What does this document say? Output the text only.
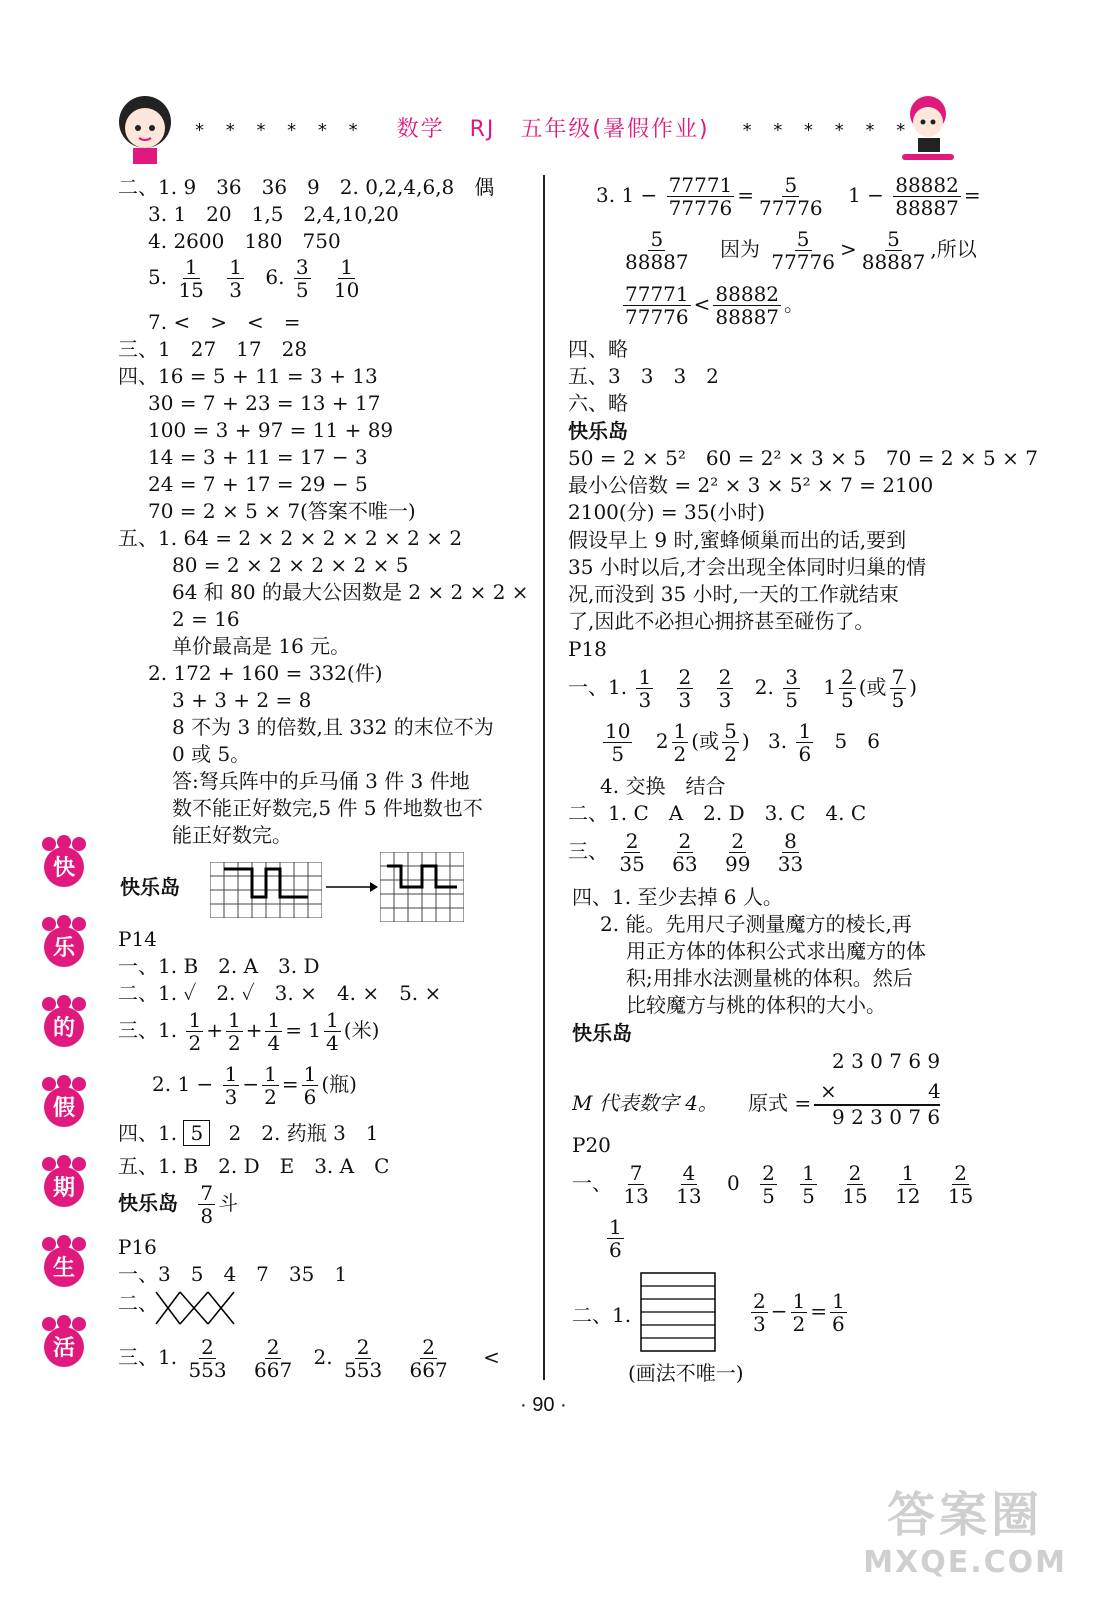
* * * * * * 数学 RJ 五年级(暑假作业) * * * * * *
快
乐
的
假
期
生
活
二、1. 9　36　36　9　2. 0,2,4,6,8　偶
3. 1　20　1,5　2,4,10,20
4. 2600　180　750
5. $\frac{1}{15}$
$\frac{1}{3} 6$. $\frac{3}{5}$
$\frac{1}{10}$
7. <　>　<　=
三、1　27　17　28
四、16 = 5 + 11 = 3 + 13
30 = 7 + 23 = 13 + 17
100 = 3 + 97 = 11 + 89
14 = 3 + 11 = 17 − 3
24 = 7 + 17 = 29 − 5
70 = 2 × 5 × 7(答案不唯一)
五、1. 64 = 2 × 2 × 2 × 2 × 2 × 2
80 = 2 × 2 × 2 × 2 × 5
64 和 80 的最大公因数是 2 × 2 × 2 ×
2 = 16
单价最高是 16 元。
2. 172 + 160 = 332(件)
3 + 3 + 2 = 8
8 不为 3 的倍数,且 332 的末位不为
0 或 5。
答:弩兵阵中的乒马俑 3 件 3 件地
数不能正好数完,5 件 5 件地数也不
能正好数完。
快乐岛
P14
一、1. B　2. A　3. D
二、1. ✓　2. ✓　3. ×　4. ×　5. ×
三、1. $\frac{1}{2} + \frac{1}{2} + \frac{1}{4} = 1 \frac{1}{4}$ (米)
2. $1 - \frac{1}{3} - \frac{1}{2} = \frac{1}{6}$ (瓶)
四、1. 5 2　2. 药瓶 3　1
五、1. B　2. D　E　3. A　C
快乐岛 $\frac{7}{8}$ 斗
P16
一、3　5　4　7　35　1
二、
三、1. $\frac{2}{553}$
$\frac{2}{667} 2$. $\frac{2}{553}$
$\frac{2}{667}$ <
3. $1 - \frac{77771}{77776} = \frac{5}{77776} 1 - \frac{88882}{88887}$ =
$\frac{5}{88887}$ 因为 $\frac{5}{77776} > \frac{5}{88887}$ ,所以
$\frac{77771}{77776} < \frac{88882}{88887}$ 。
四、略
五、3　3　3　2
六、略
快乐岛
50 = 2 × 5²　60 = 2² × 3 × 5　70 = 2 × 5 × 7
最小公倍数 = 2² × 3 × 5² × 7 = 2100
2100(分) = 35(小时)
假设早上 9 时,蜜蜂倾巢而出的话,要到
35 小时以后,才会出现全体同时归巢的情
况,而没到 35 小时,一天的工作就结束
了,因此不必担心拥挤甚至碰伤了。
P18
一、1. $\frac{1}{3}$
$\frac{2}{3}$
$\frac{2}{3} 2$. $\frac{3}{5} 1 \frac{2}{5}$ (或 $\frac{7}{5}$ )
$\frac{10}{5} 2 \frac{1}{2}$ (或 $\frac{5}{2}$ ) 3. $\frac{1}{6} 5$　6
4. 交换　结合
二、1. C　A　2. D　3. C　4. C
三、 $\frac{2}{35}$
$\frac{2}{63}$
$\frac{2}{99}$
$\frac{8}{33}$
四、1. 至少去掉 6 人。
2. 能。先用尺子测量魔方的棱长,再
用正方体的体积公式求出魔方的体
积;用排水法测量桃的体积。然后
比较魔方与桃的体积的大小。
快乐岛
2 3 0 7 6 9
M 代表数字 4。 原式 = ×	4
9 2 3 0 7 6
P20
一、 $\frac{7}{13}$
$\frac{4}{13} 0 \frac{2}{5}$
$\frac{1}{5}$
$\frac{2}{15}$
$\frac{1}{12}$
$\frac{2}{15}$
$\frac{1}{6}$
二、1.	$\frac{2}{3} - \frac{1}{2} = \frac{1}{6}$
(画法不唯一)
· 90 ·
答案圈
MXQE.COM
